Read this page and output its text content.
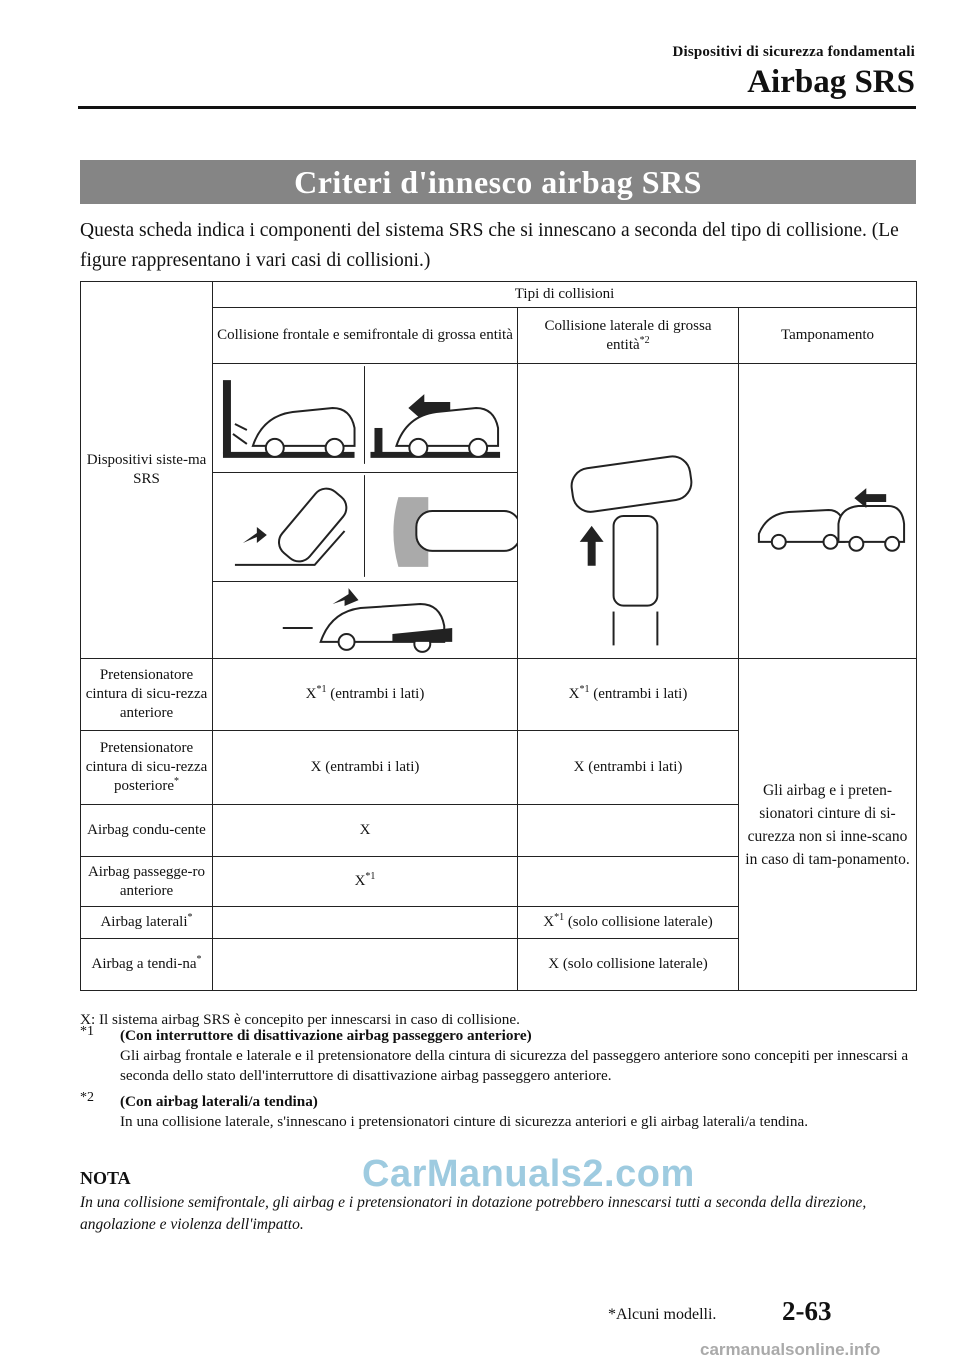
Dispositivi di sicurezza fondamentali
Airbag SRS
Criteri d'innesco airbag SRS
Questa scheda indica i componenti del sistema SRS che si innescano a seconda del tipo di collisione. (Le figure rappresentano i vari casi di collisioni.)
Dispositivi siste-ma SRS	Tipi di collisioni		
	Collisione frontale e semifrontale di grossa entità	Collisione laterale di grossa entità$^{*2}$	Tamponamento

Pretensionatore cintura di sicu-rezza anteriore	$X^{*1}$ (entrambi i lati)	$X^{*1}$ (entrambi i lati)	Gli airbag e i preten-sionatori cinture di si-curezza non si inne-scano in caso di tam-ponamento.
Pretensionatore cintura di sicu-rezza posteriore*	X (entrambi i lati)	X (entrambi i lati)	
Airbag condu-cente	X		
Airbag passegge-ro anteriore	$X^{*1}$	
Airbag laterali*		$X^{*1}$ (solo collisione laterale)	
Airbag a tendi-na*		X (solo collisione laterale)	
X: Il sistema airbag SRS è concepito per innescarsi in caso di collisione.
*1 (Con interruttore di disattivazione airbag passeggero anteriore)
Gli airbag frontale e laterale e il pretensionatore della cintura di sicurezza del passeggero anteriore sono concepiti per innescarsi a seconda dello stato dell'interruttore di disattivazione airbag passeggero anteriore.
*2 (Con airbag laterali/a tendina)
In una collisione laterale, s'innescano i pretensionatori cinture di sicurezza anteriori e gli airbag laterali/a tendina.
NOTA
In una collisione semifrontale, gli airbag e i pretensionatori in dotazione potrebbero innescarsi tutti a seconda della direzione, angolazione e violenza dell'impatto.
CarManuals2.com
*Alcuni modelli. 2-63
carmanualsonline.info
